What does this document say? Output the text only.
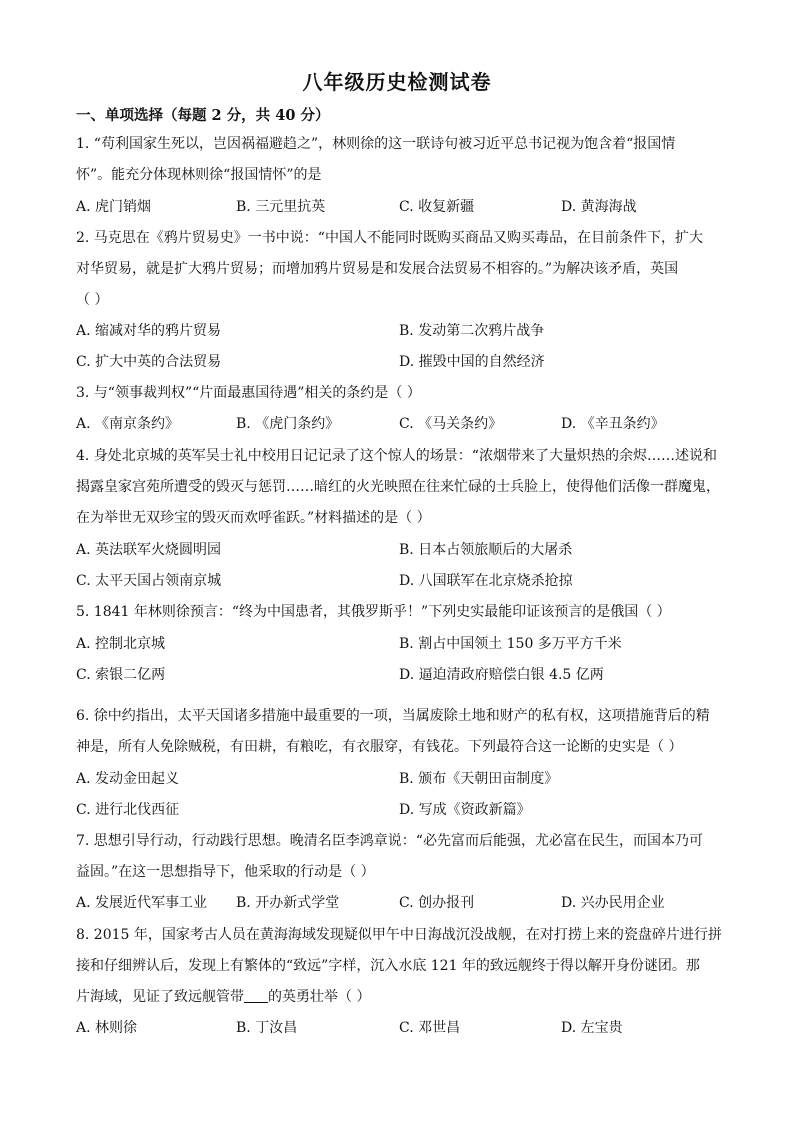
八年级历史检测试卷
一、单项选择（每题 2 分，共 40 分）
1. “苟利国家生死以，岂因祸福避趋之”，林则徐的这一联诗句被习近平总书记视为饱含着“报国情
怀”。能充分体现林则徐“报国情怀”的是
A. 虎门销烟	B. 三元里抗英	C. 收复新疆	D. 黄海海战
2. 马克思在《鸦片贸易史》一书中说：“中国人不能同时既购买商品又购买毒品，在目前条件下，扩大
对华贸易，就是扩大鸦片贸易；而增加鸦片贸易是和发展合法贸易不相容的。”为解决该矛盾，英国
（ ）
A. 缩减对华的鸦片贸易	B. 发动第二次鸦片战争
C. 扩大中英的合法贸易	D. 摧毁中国的自然经济
3. 与“领事裁判权”“片面最惠国待遇”相关的条约是（ ）
A. 《南京条约》	B. 《虎门条约》	C. 《马关条约》	D. 《辛丑条约》
4. 身处北京城的英军吴士礼中校用日记记录了这个惊人的场景：“浓烟带来了大量炽热的余烬……述说和
揭露皇家宫苑所遭受的毁灭与惩罚……暗红的火光映照在往来忙碌的士兵脸上，使得他们活像一群魔鬼，
在为举世无双珍宝的毁灭而欢呼雀跃。”材料描述的是（ ）
A. 英法联军火烧圆明园	B. 日本占领旅顺后的大屠杀
C. 太平天国占领南京城	D. 八国联军在北京烧杀抢掠
5. 1841 年林则徐预言：“终为中国患者，其俄罗斯乎！”下列史实最能印证该预言的是俄国（ ）
A. 控制北京城	B. 割占中国领土 150 多万平方千米
C. 索银二亿两	D. 逼迫清政府赔偿白银 4.5 亿两
6. 徐中约指出，太平天国诸多措施中最重要的一项，当属废除土地和财产的私有权，这项措施背后的精
神是，所有人免除贼税，有田耕，有粮吃，有衣服穿，有钱花。下列最符合这一论断的史实是（ ）
A. 发动金田起义	B. 颁布《天朝田亩制度》
C. 进行北伐西征	D. 写成《资政新篇》
7. 思想引导行动，行动践行思想。晚清名臣李鸿章说：“必先富而后能强，尤必富在民生，而国本乃可
益固。”在这一思想指导下，他采取的行动是（ ）
A. 发展近代军事工业 B. 开办新式学堂	C. 创办报刊	D. 兴办民用企业
8. 2015 年，国家考古人员在黄海海域发现疑似甲午中日海战沉没战舰，在对打捞上来的瓷盘碎片进行拼
接和仔细辨认后，发现上有繁体的“致远”字样，沉入水底 121 年的致远舰终于得以解开身份谜团。那
片海域，见证了致远舰管带 的英勇壮举（ ）
A. 林则徐	B. 丁汝昌	C. 邓世昌	D. 左宝贵
